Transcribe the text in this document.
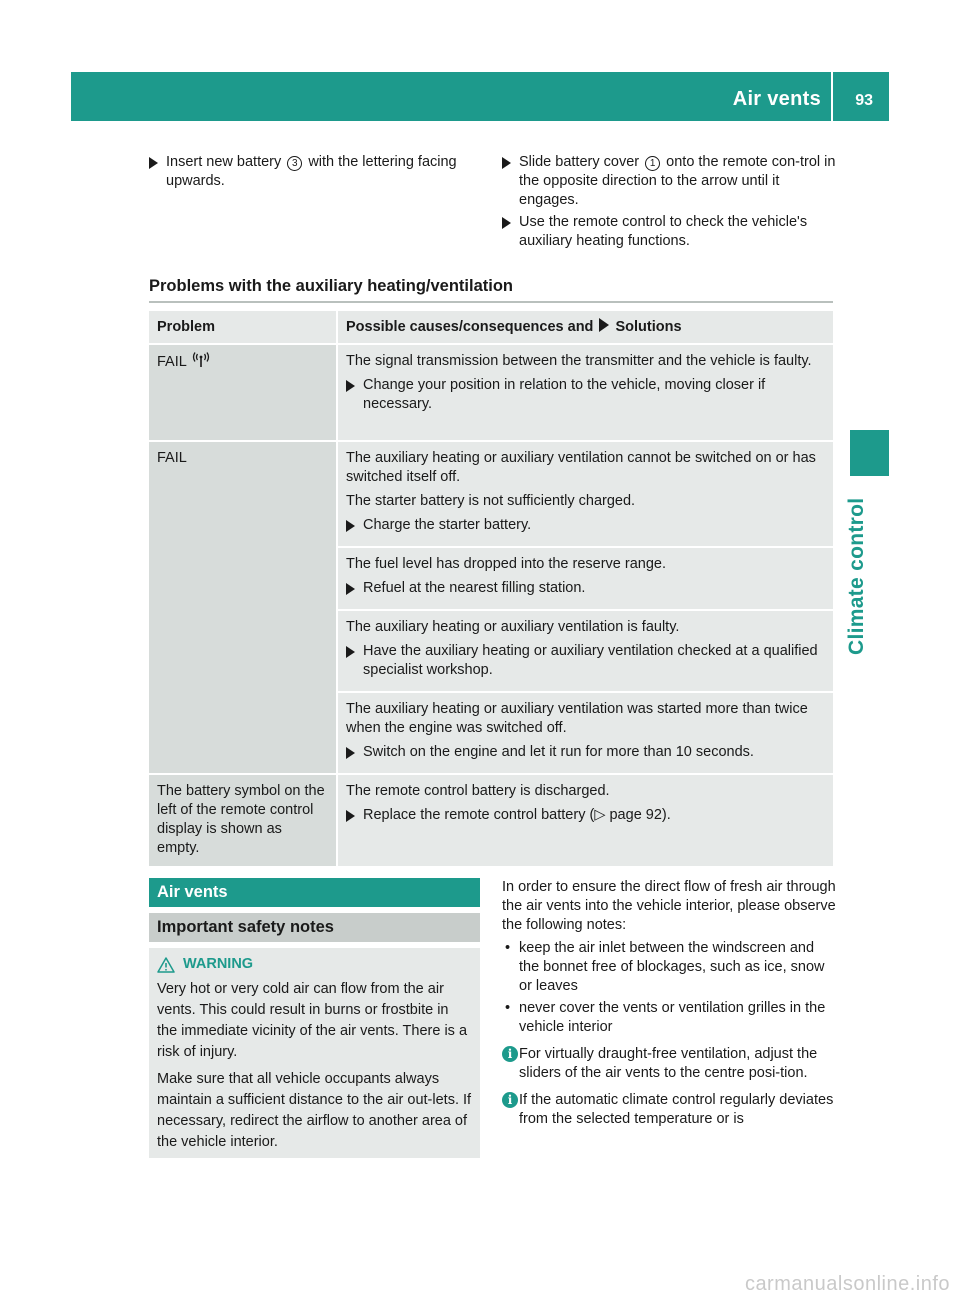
Air vents 93
Climate control
Insert new battery 3 with the lettering facing upwards.
Slide battery cover 1 onto the remote con-trol in the opposite direction to the arrow until it engages.
Use the remote control to check the vehicle's auxiliary heating functions.
Problems with the auxiliary heating/ventilation
Problem	Possible causes/consequences and Solutions
FAIL	The signal transmission between the transmitter and the vehicle is faulty.

Change your position in relation to the vehicle, moving closer if necessary.

FAIL	The auxiliary heating or auxiliary ventilation cannot be switched on or has switched itself off.

The starter battery is not sufficiently charged.

Charge the starter battery.

	The fuel level has dropped into the reserve range.

Refuel at the nearest filling station.

	The auxiliary heating or auxiliary ventilation is faulty.

Have the auxiliary heating or auxiliary ventilation checked at a qualified specialist workshop.

	The auxiliary heating or auxiliary ventilation was started more than twice when the engine was switched off.

Switch on the engine and let it run for more than 10 seconds.

The battery symbol on the left of the remote control display is shown as empty.	The remote control battery is discharged.

Replace the remote control battery (▷ page 92).
Air vents
Important safety notes
WARNING

Very hot or very cold air can flow from the air vents. This could result in burns or frostbite in the immediate vicinity of the air vents. There is a risk of injury.

Make sure that all vehicle occupants always maintain a sufficient distance to the air out-lets. If necessary, redirect the airflow to another area of the vehicle interior.

In order to ensure the direct flow of fresh air through the air vents into the vehicle interior, please observe the following notes:
• keep the air inlet between the windscreen and the bonnet free of blockages, such as ice, snow or leaves
• never cover the vents or ventilation grilles in the vehicle interior
i For virtually draught-free ventilation, adjust the sliders of the air vents to the centre posi-tion.
i If the automatic climate control regularly deviates from the selected temperature or is
carmanualsonline.info
